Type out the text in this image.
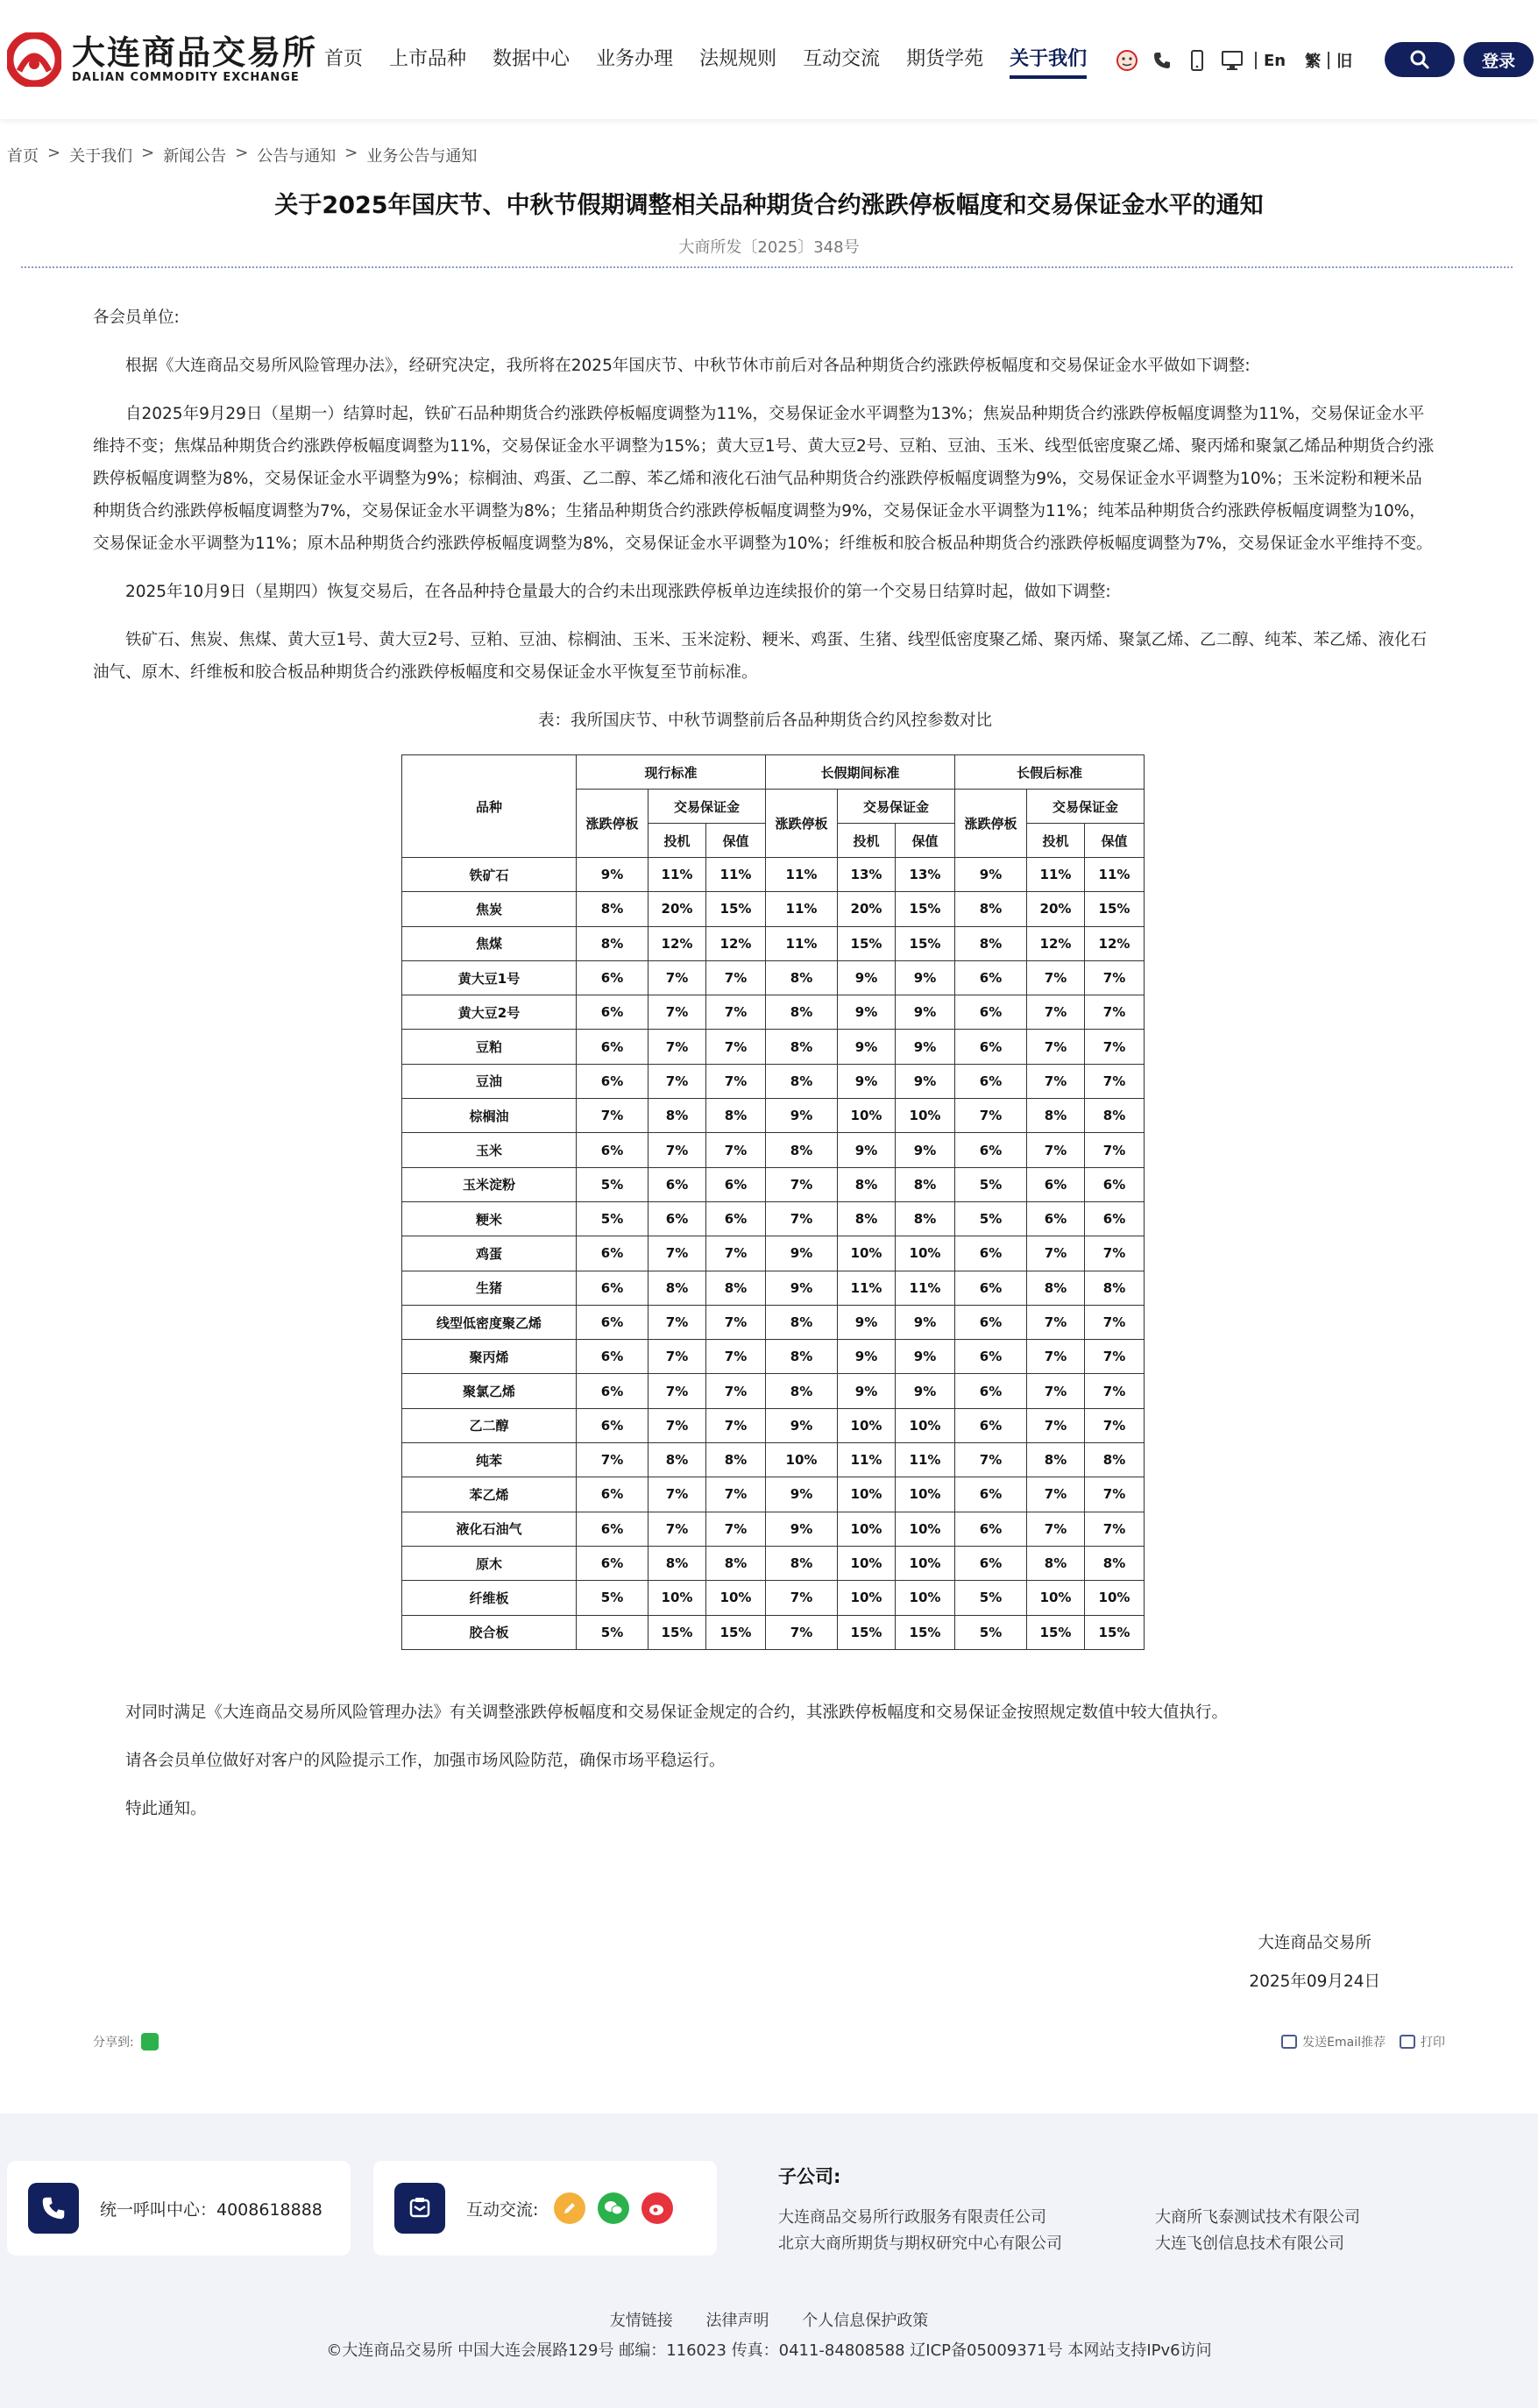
大连商品交易所
DALIAN COMMODITY EXCHANGE
首页 上市品种 数据中心 业务办理 法规规则 互动交流 期货学苑 关于我们	En 繁 旧	登录
首页 > 关于我们 > 新闻公告 > 公告与通知 > 业务公告与通知
关于2025年国庆节、中秋节假期调整相关品种期货合约涨跌停板幅度和交易保证金水平的通知
大商所发〔2025〕348号

各会员单位:

根据《大连商品交易所风险管理办法》，经研究决定，我所将在2025年国庆节、中秋节休市前后对各品种期货合约涨跌停板幅度和交易保证金水平做如下调整:

自2025年9月29日（星期一）结算时起，铁矿石品种期货合约涨跌停板幅度调整为11%，交易保证金水平调整为13%；焦炭品种期货合约涨跌停板幅度调整为11%，交易保证金水平维持不变；焦煤品种期货合约涨跌停板幅度调整为11%，交易保证金水平调整为15%；黄大豆1号、黄大豆2号、豆粕、豆油、玉米、线型低密度聚乙烯、聚丙烯和聚氯乙烯品种期货合约涨跌停板幅度调整为8%，交易保证金水平调整为9%；棕榈油、鸡蛋、乙二醇、苯乙烯和液化石油气品种期货合约涨跌停板幅度调整为9%，交易保证金水平调整为10%；玉米淀粉和粳米品种期货合约涨跌停板幅度调整为7%，交易保证金水平调整为8%；生猪品种期货合约涨跌停板幅度调整为9%，交易保证金水平调整为11%；纯苯品种期货合约涨跌停板幅度调整为10%，交易保证金水平调整为11%；原木品种期货合约涨跌停板幅度调整为8%，交易保证金水平调整为10%；纤维板和胶合板品种期货合约涨跌停板幅度调整为7%，交易保证金水平维持不变。

2025年10月9日（星期四）恢复交易后，在各品种持仓量最大的合约未出现涨跌停板单边连续报价的第一个交易日结算时起，做如下调整:

铁矿石、焦炭、焦煤、黄大豆1号、黄大豆2号、豆粕、豆油、棕榈油、玉米、玉米淀粉、粳米、鸡蛋、生猪、线型低密度聚乙烯、聚丙烯、聚氯乙烯、乙二醇、纯苯、苯乙烯、液化石油气、原木、纤维板和胶合板品种期货合约涨跌停板幅度和交易保证金水平恢复至节前标准。

表：我所国庆节、中秋节调整前后各品种期货合约风控参数对比

品种	现行标准			长假期间标准			长假后标准		
	涨跌停板	交易保证金		涨跌停板	交易保证金		涨跌停板	交易保证金	
		投机	保值		投机	保值		投机	保值
铁矿石	9%	11%	11%	11%	13%	13%	9%	11%	11%
焦炭	8%	20%	15%	11%	20%	15%	8%	20%	15%
焦煤	8%	12%	12%	11%	15%	15%	8%	12%	12%
黄大豆1号	6%	7%	7%	8%	9%	9%	6%	7%	7%
黄大豆2号	6%	7%	7%	8%	9%	9%	6%	7%	7%
豆粕	6%	7%	7%	8%	9%	9%	6%	7%	7%
豆油	6%	7%	7%	8%	9%	9%	6%	7%	7%
棕榈油	7%	8%	8%	9%	10%	10%	7%	8%	8%
玉米	6%	7%	7%	8%	9%	9%	6%	7%	7%
玉米淀粉	5%	6%	6%	7%	8%	8%	5%	6%	6%
粳米	5%	6%	6%	7%	8%	8%	5%	6%	6%
鸡蛋	6%	7%	7%	9%	10%	10%	6%	7%	7%
生猪	6%	8%	8%	9%	11%	11%	6%	8%	8%
线型低密度聚乙烯	6%	7%	7%	8%	9%	9%	6%	7%	7%
聚丙烯	6%	7%	7%	8%	9%	9%	6%	7%	7%
聚氯乙烯	6%	7%	7%	8%	9%	9%	6%	7%	7%
乙二醇	6%	7%	7%	9%	10%	10%	6%	7%	7%
纯苯	7%	8%	8%	10%	11%	11%	7%	8%	8%
苯乙烯	6%	7%	7%	9%	10%	10%	6%	7%	7%
液化石油气	6%	7%	7%	9%	10%	10%	6%	7%	7%
原木	6%	8%	8%	8%	10%	10%	6%	8%	8%
纤维板	5%	10%	10%	7%	10%	10%	5%	10%	10%
胶合板	5%	15%	15%	7%	15%	15%	5%	15%	15%

对同时满足《大连商品交易所风险管理办法》有关调整涨跌停板幅度和交易保证金规定的合约，其涨跌停板幅度和交易保证金按照规定数值中较大值执行。

请各会员单位做好对客户的风险提示工作，加强市场风险防范，确保市场平稳运行。

特此通知。

大连商品交易所
2025年09月24日
分享到:	发送Email推荐	打印
统一呼叫中心：4008618888	互动交流:
子公司:
大连商品交易所行政服务有限责任公司	大商所飞泰测试技术有限公司
北京大商所期货与期权研究中心有限公司	大连飞创信息技术有限公司
友情链接 法律声明 个人信息保护政策
©大连商品交易所 中国大连会展路129号 邮编：116023 传真：0411-84808588 辽ICP备05009371号 本网站支持IPv6访问
